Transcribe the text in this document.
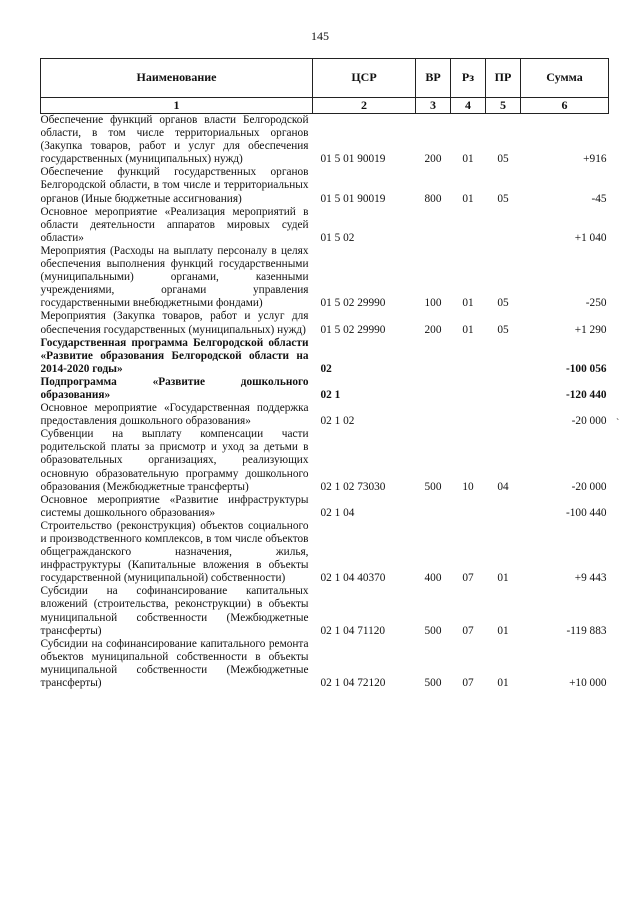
145
Наименование	ЦСР	ВР	Рз	ПР	Сумма
1	2	3	4	5	6
Обеспечение функций органов власти Белгородской области, в том числе территориальных органов (Закупка товаров, работ и услуг для обеспечения государственных (муниципальных) нужд)	01 5 01 90019	200	01	05	+916
Обеспечение функций государственных органов Белгородской области, в том числе и территориальных органов (Иные бюджетные ассигнования)	01 5 01 90019	800	01	05	-45
Основное мероприятие «Реализация мероприятий в области деятельности аппаратов мировых судей области»	01 5 02				+1 040
Мероприятия (Расходы на выплату персоналу в целях обеспечения выполнения функций государственными (муниципальными) органами, казенными учреждениями, органами управления государственными внебюджетными фондами)	01 5 02 29990	100	01	05	-250
Мероприятия (Закупка товаров, работ и услуг для обеспечения государственных (муниципальных) нужд)	01 5 02 29990	200	01	05	+1 290
Государственная программа Белгородской области «Развитие образования Белгородской области на 2014-2020 годы»	02				-100 056
Подпрограмма «Развитие дошкольного образования»	02 1				-120 440
Основное мероприятие «Государственная поддержка предоставления дошкольного образования»	02 1 02				-20 000
Субвенции на выплату компенсации части родительской платы за присмотр и уход за детьми в образовательных организациях, реализующих основную образовательную программу дошкольного образования (Межбюджетные трансферты)	02 1 02 73030	500	10	04	-20 000
Основное мероприятие «Развитие инфраструктуры системы дошкольного образования»	02 1 04				-100 440
Строительство (реконструкция) объектов социального и производственного комплексов, в том числе объектов общегражданского назначения, жилья, инфраструктуры (Капитальные вложения в объекты государственной (муниципальной) собственности)	02 1 04 40370	400	07	01	+9 443
Субсидии на софинансирование капитальных вложений (строительства, реконструкции) в объекты муниципальной собственности (Межбюджетные трансферты)	02 1 04 71120	500	07	01	-119 883
Субсидии на софинансирование капитального ремонта объектов муниципальной собственности в объекты муниципальной собственности (Межбюджетные трансферты)	02 1 04 72120	500	07	01	+10 000
`
